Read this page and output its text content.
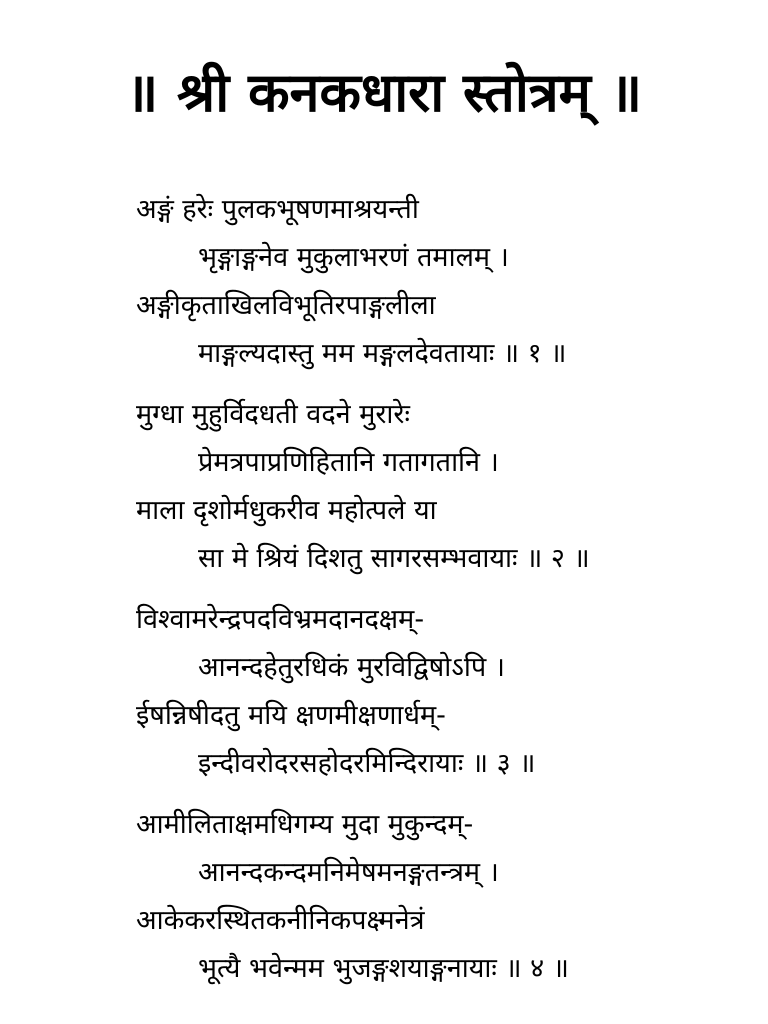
॥ श्री कनकधारा स्तोत्रम् ॥
अङ्गं हरेः पुलकभूषणमाश्रयन्ती
भृङ्गाङ्गनेव मुकुलाभरणं तमालम् ।
अङ्गीकृताखिलविभूतिरपाङ्गलीला
माङ्गल्यदास्तु मम मङ्गलदेवतायाः ॥ १ ॥
मुग्धा मुहुर्विदधती वदने मुरारेः
प्रेमत्रपाप्रणिहितानि गतागतानि ।
माला दृशोर्मधुकरीव महोत्पले या
सा मे श्रियं दिशतु सागरसम्भवायाः ॥ २ ॥
विश्वामरेन्द्रपदविभ्रमदानदक्षम्-
आनन्दहेतुरधिकं मुरविद्विषोऽपि ।
ईषन्निषीदतु मयि क्षणमीक्षणार्धम्-
इन्दीवरोदरसहोदरमिन्दिरायाः ॥ ३ ॥
आमीलिताक्षमधिगम्य मुदा मुकुन्दम्-
आनन्दकन्दमनिमेषमनङ्गतन्त्रम् ।
आकेकरस्थितकनीनिकपक्ष्मनेत्रं
भूत्यै भवेन्मम भुजङ्गशयाङ्गनायाः ॥ ४ ॥
